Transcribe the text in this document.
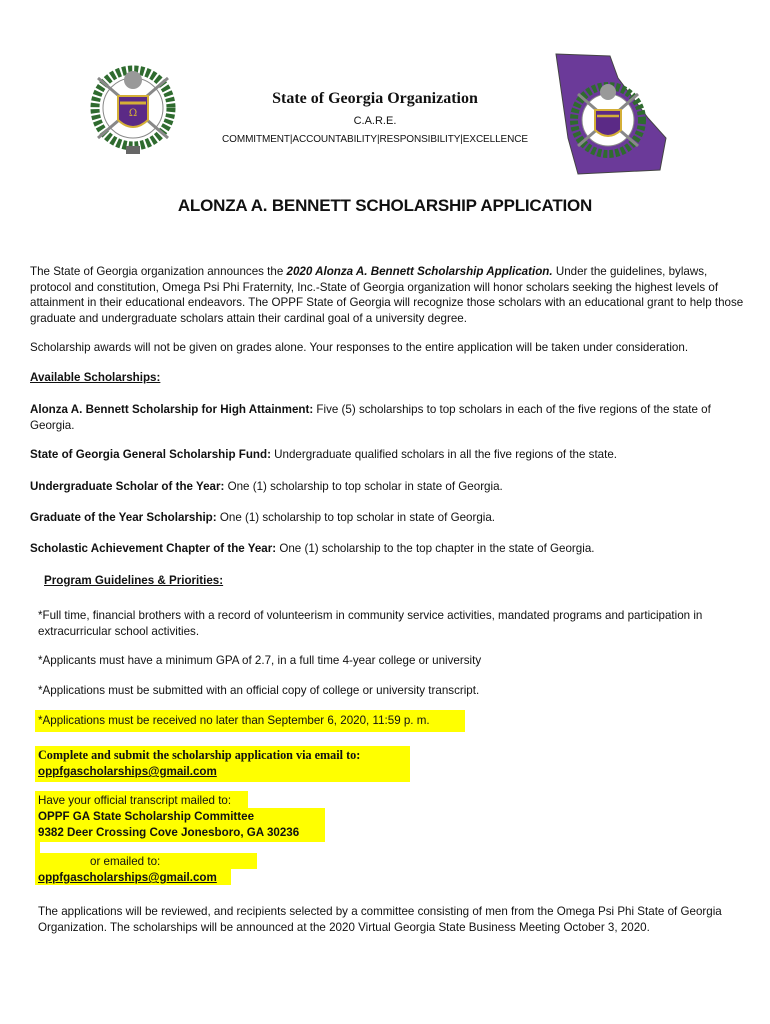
Ω
State of Georgia Organization
C.A.R.E.
COMMITMENT|ACCOUNTABILITY|RESPONSIBILITY|EXCELLENCE
ALONZA A. BENNETT SCHOLARSHIP APPLICATION

The State of Georgia organization announces the 2020 Alonza A. Bennett Scholarship Application. Under the guidelines, bylaws, protocol and constitution, Omega Psi Phi Fraternity, Inc.-State of Georgia organization will honor scholars seeking the highest levels of attainment in their educational endeavors. The OPPF State of Georgia will recognize those scholars with an educational grant to help those graduate and undergraduate scholars attain their cardinal goal of a university degree.

Scholarship awards will not be given on grades alone. Your responses to the entire application will be taken under consideration.

Available Scholarships:

Alonza A. Bennett Scholarship for High Attainment: Five (5) scholarships to top scholars in each of the five regions of the state of Georgia.

State of Georgia General Scholarship Fund: Undergraduate qualified scholars in all the five regions of the state.

Undergraduate Scholar of the Year: One (1) scholarship to top scholar in state of Georgia.

Graduate of the Year Scholarship: One (1) scholarship to top scholar in state of Georgia.

Scholastic Achievement Chapter of the Year: One (1) scholarship to the top chapter in the state of Georgia.

Program Guidelines & Priorities:

*Full time, financial brothers with a record of volunteerism in community service activities, mandated programs and participation in extracurricular school activities.

*Applicants must have a minimum GPA of 2.7, in a full time 4-year college or university

*Applications must be submitted with an official copy of college or university transcript.

*Applications must be received no later than September 6, 2020, 11:59 p. m.

Complete and submit the scholarship application via email to:

oppfgascholarships@gmail.com

Have your official transcript mailed to:

OPPF GA State Scholarship Committee

9382 Deer Crossing Cove Jonesboro, GA 30236

or emailed to:

oppfgascholarships@gmail.com

The applications will be reviewed, and recipients selected by a committee consisting of men from the Omega Psi Phi State of Georgia Organization. The scholarships will be announced at the 2020 Virtual Georgia State Business Meeting October 3, 2020.
